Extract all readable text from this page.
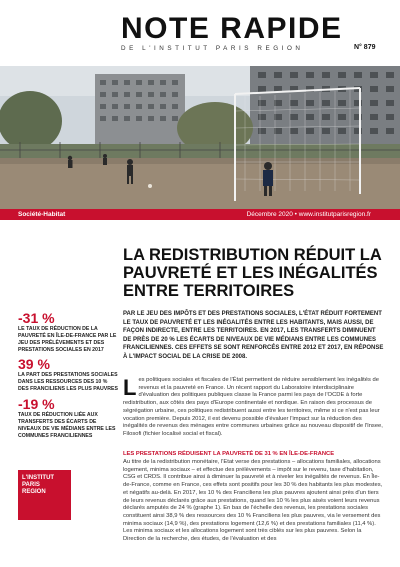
NOTE RAPIDE
DE L'INSTITUT PARIS REGION	N° 879
Société-Habitat	Décembre 2020 • www.institutparisregion.fr
-31 %
LE TAUX DE RÉDUCTION DE LA PAUVRETÉ EN ÎLE-DE-FRANCE PAR LE JEU DES PRÉLÈVEMENTS ET DES PRESTATIONS SOCIALES EN 2017
39 %
LA PART DES PRESTATIONS SOCIALES DANS LES RESSOURCES DES 10 % DES FRANCILIENS LES PLUS PAUVRES
-19 %
TAUX DE RÉDUCTION LIÉE AUX TRANSFERTS DES ÉCARTS DE NIVEAUX DE VIE MÉDIANS ENTRE LES COMMUNES FRANCILIENNES
LA REDISTRIBUTION RÉDUIT LA PAUVRETÉ ET LES INÉGALITÉS ENTRE TERRITOIRES

PAR LE JEU DES IMPÔTS ET DES PRESTATIONS SOCIALES, L'ÉTAT RÉDUIT FORTEMENT LE TAUX DE PAUVRETÉ ET LES INÉGALITÉS ENTRE LES HABITANTS, MAIS AUSSI, DE FAÇON INDIRECTE, ENTRE LES TERRITOIRES. EN 2017, LES TRANSFERTS DIMINUENT DE PRÈS DE 20 % LES ÉCARTS DE NIVEAUX DE VIE MÉDIANS ENTRE LES COMMUNES FRANCILIENNES. CES EFFETS SE SONT RENFORCÉS ENTRE 2012 ET 2017, EN RÉPONSE À L'IMPACT SOCIAL DE LA CRISE DE 2008.

L es politiques sociales et fiscales de l'État permettent de réduire sensiblement les inégalités de revenus et la pauvreté en France. Un récent rapport du Laboratoire interdisciplinaire d'évaluation des politiques publiques classe la France parmi les pays de l'OCDE à forte redistribution, aux côtés des pays d'Europe continentale et nordique. En raison des processus de ségrégation urbaine, ces politiques redistribuent aussi entre les territoires, même si ce n'est pas leur vocation première. Depuis 2012, il est devenu possible d'évaluer l'impact sur la réduction des inégalités de revenus des ménages entre communes urbaines grâce au nouveau dispositif de l'Insee, Filosofi (fichier localisé social et fiscal).
LES PRESTATIONS RÉDUISENT LA PAUVRETÉ DE 31 % EN ÎLE-DE-FRANCE
Au titre de la redistribution monétaire, l'État verse des prestations – allocations familiales, allocations logement, minima sociaux – et effectue des prélèvements – impôt sur le revenu, taxe d'habitation, CSG et CRDS. Il contribue ainsi à diminuer la pauvreté et à niveler les inégalités de revenus. En Île-de-France, comme en France, ces effets sont positifs pour les 30 % des habitants les plus modestes, et négatifs au-delà. En 2017, les 10 % des Franciliens les plus pauvres ajoutent ainsi près d'un tiers de leurs revenus déclarés grâce aux prestations, quand les 10 % les plus aisés voient leurs revenus déclarés amputés de 24 % (graphe 1). En bas de l'échelle des revenus, les prestations sociales constituent ainsi 38,9 % des ressources des 10 % Franciliens les plus pauvres, via le versement des minima sociaux (14,9 %), des prestations logement (12,6 %) et des prestations familiales (11,4 %). Les minima sociaux et les allocations logement sont très ciblés sur les plus pauvres. Selon la Direction de la recherche, des études, de l'évaluation et des
L'INSTITUT
PARIS
REGION
